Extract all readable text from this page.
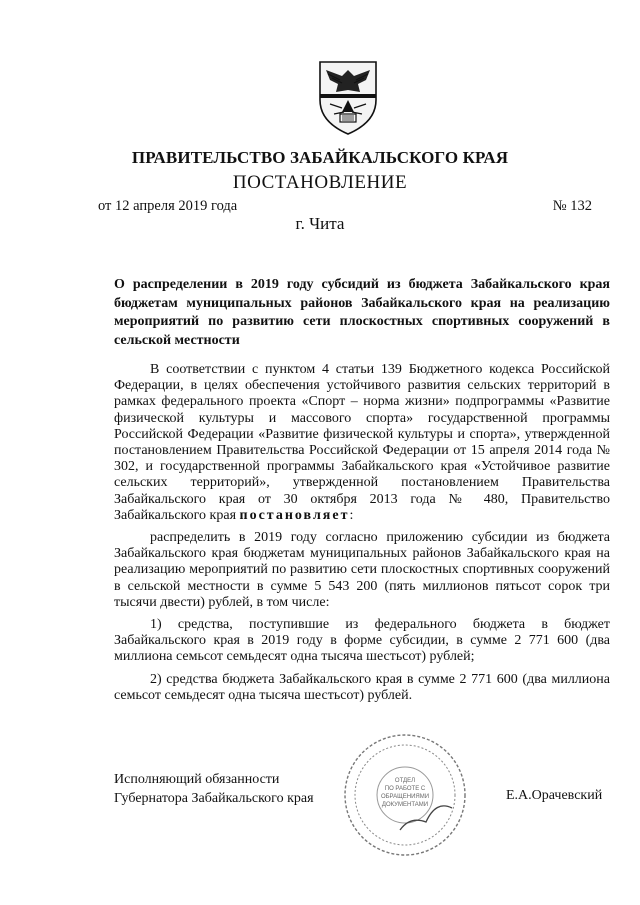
ПРАВИТЕЛЬСТВО ЗАБАЙКАЛЬСКОГО КРАЯ
ПОСТАНОВЛЕНИЕ
от 12 апреля 2019 года	№ 132
г. Чита
О распределении в 2019 году субсидий из бюджета Забайкальского края бюджетам муниципальных районов Забайкальского края на реализацию мероприятий по развитию сети плоскостных спортивных сооружений в сельской местности

В соответствии с пунктом 4 статьи 139 Бюджетного кодекса Российской Федерации, в целях обеспечения устойчивого развития сельских территорий в рамках федерального проекта «Спорт – норма жизни» подпрограммы «Развитие физической культуры и массового спорта» государственной программы Российской Федерации «Развитие физической культуры и спорта», утвержденной постановлением Правительства Российской Федерации от 15 апреля 2014 года № 302, и государственной программы Забайкальского края «Устойчивое развитие сельских территорий», утвержденной постановлением Правительства Забайкальского края от 30 октября 2013 года № 480, Правительство Забайкальского края постановляет:

распределить в 2019 году согласно приложению субсидии из бюджета Забайкальского края бюджетам муниципальных районов Забайкальского края на реализацию мероприятий по развитию сети плоскостных спортивных сооружений в сельской местности в сумме 5 543 200 (пять миллионов пятьсот сорок три тысячи двести) рублей, в том числе:

1) средства, поступившие из федерального бюджета в бюджет Забайкальского края в 2019 году в форме субсидии, в сумме 2 771 600 (два миллиона семьсот семьдесят одна тысяча шестьсот) рублей;

2) средства бюджета Забайкальского края в сумме 2 771 600 (два миллиона семьсот семьдесят одна тысяча шестьсот) рублей.

ОТДЕЛ
ПО РАБОТЕ С
ОБРАЩЕНИЯМИ
ДОКУМЕНТАМИ
Исполняющий обязанности
Губернатора Забайкальского края	Е.А.Орачевский
